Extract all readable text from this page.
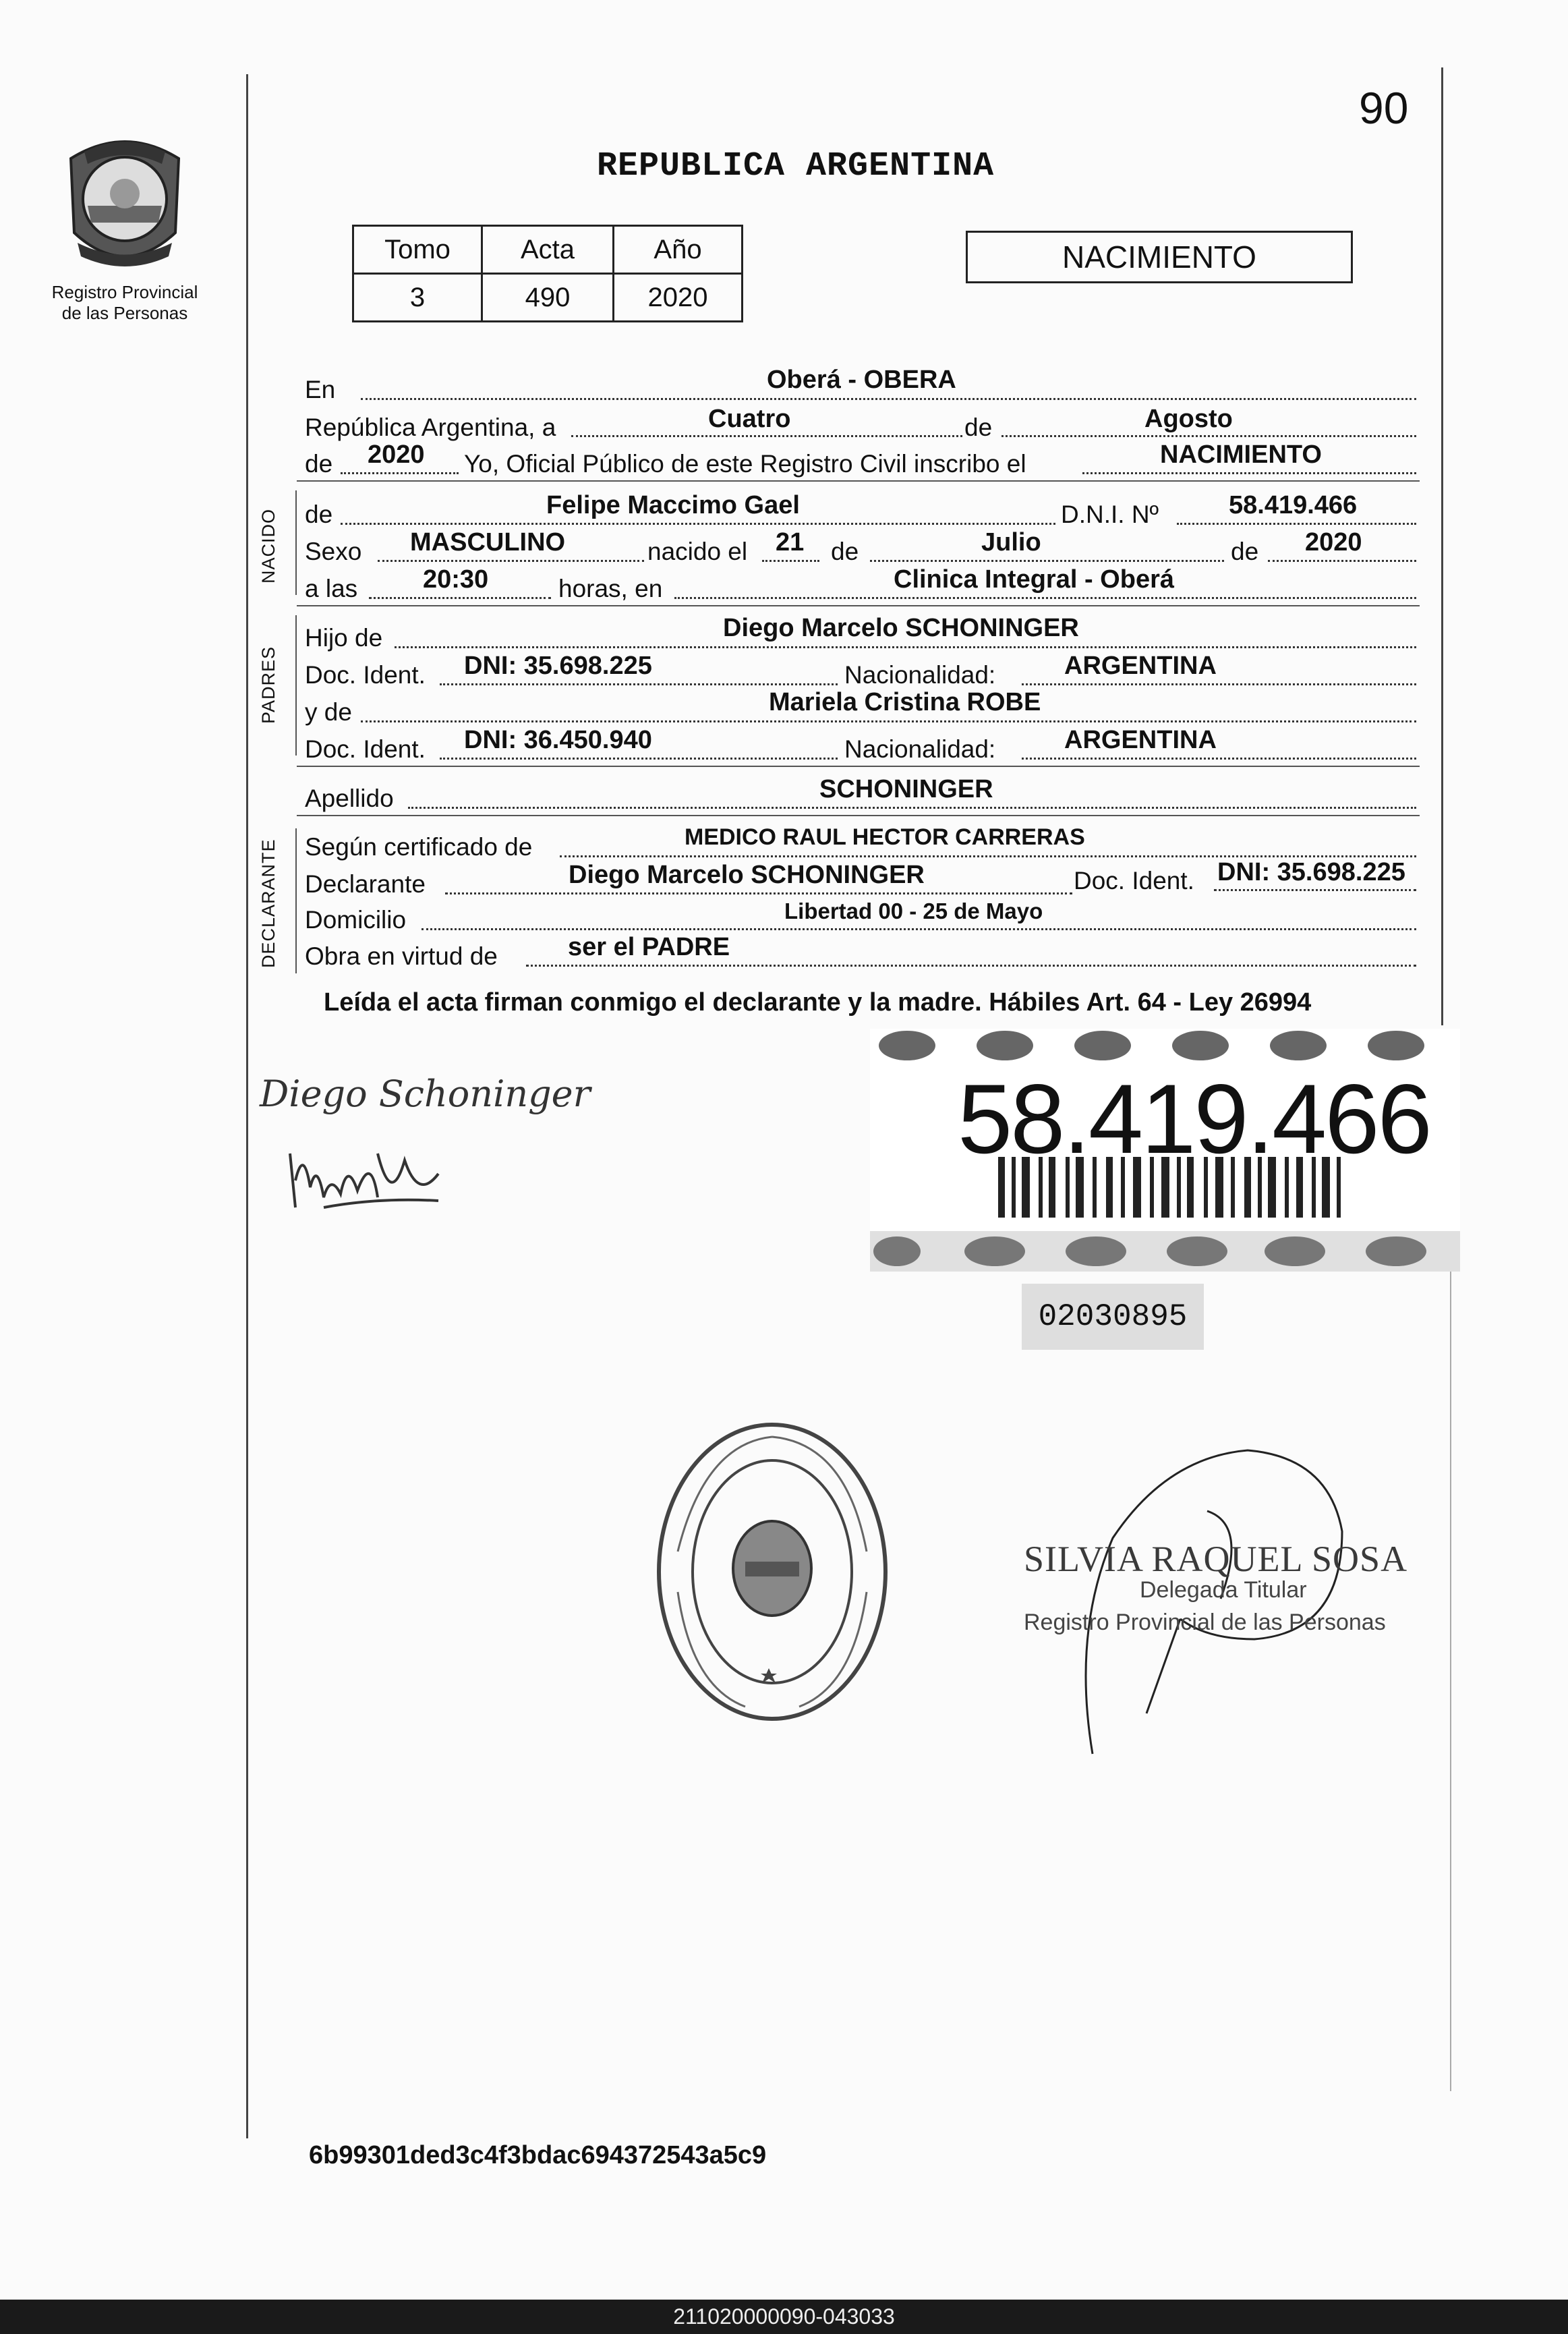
90
REPUBLICA ARGENTINA
Registro Provincial
de las Personas
Tomo	Acta	Año
3	490	2020
NACIMIENTO
En	Oberá - OBERA
República Argentina, a	Cuatro	de	Agosto
de 2020 Yo, Oficial Público de este Registro Civil inscribo el	NACIMIENTO
NACIDO de	Felipe Maccimo Gael	D.N.I. Nº	58.419.466
Sexo MASCULINO	nacido el 21 de	Julio	de 2020
a las	20:30	horas, en	Clinica Integral - Oberá
PADRES
Hijo de	Diego Marcelo SCHONINGER
Doc. Ident. DNI: 35.698.225	Nacionalidad:	ARGENTINA
y de	Mariela Cristina ROBE
Doc. Ident. DNI: 36.450.940	Nacionalidad:	ARGENTINA
Apellido	SCHONINGER
DECLARANTE Según certificado de	MEDICO RAUL HECTOR CARRERAS
Declarante	Diego Marcelo SCHONINGER	Doc. Ident. DNI: 35.698.225
Domicilio	Libertad 00 - 25 de Mayo
Obra en virtud de	ser el PADRE
Leída el acta firman conmigo el declarante y la madre. Hábiles Art. 64 - Ley 26994
Diego Schoninger	58.419.466
02030895
SILVIA RAQUEL SOSA
Delegada Titular
Registro Provincial de las Personas
6b99301ded3c4f3bdac694372543a5c9
211020000090-043033
